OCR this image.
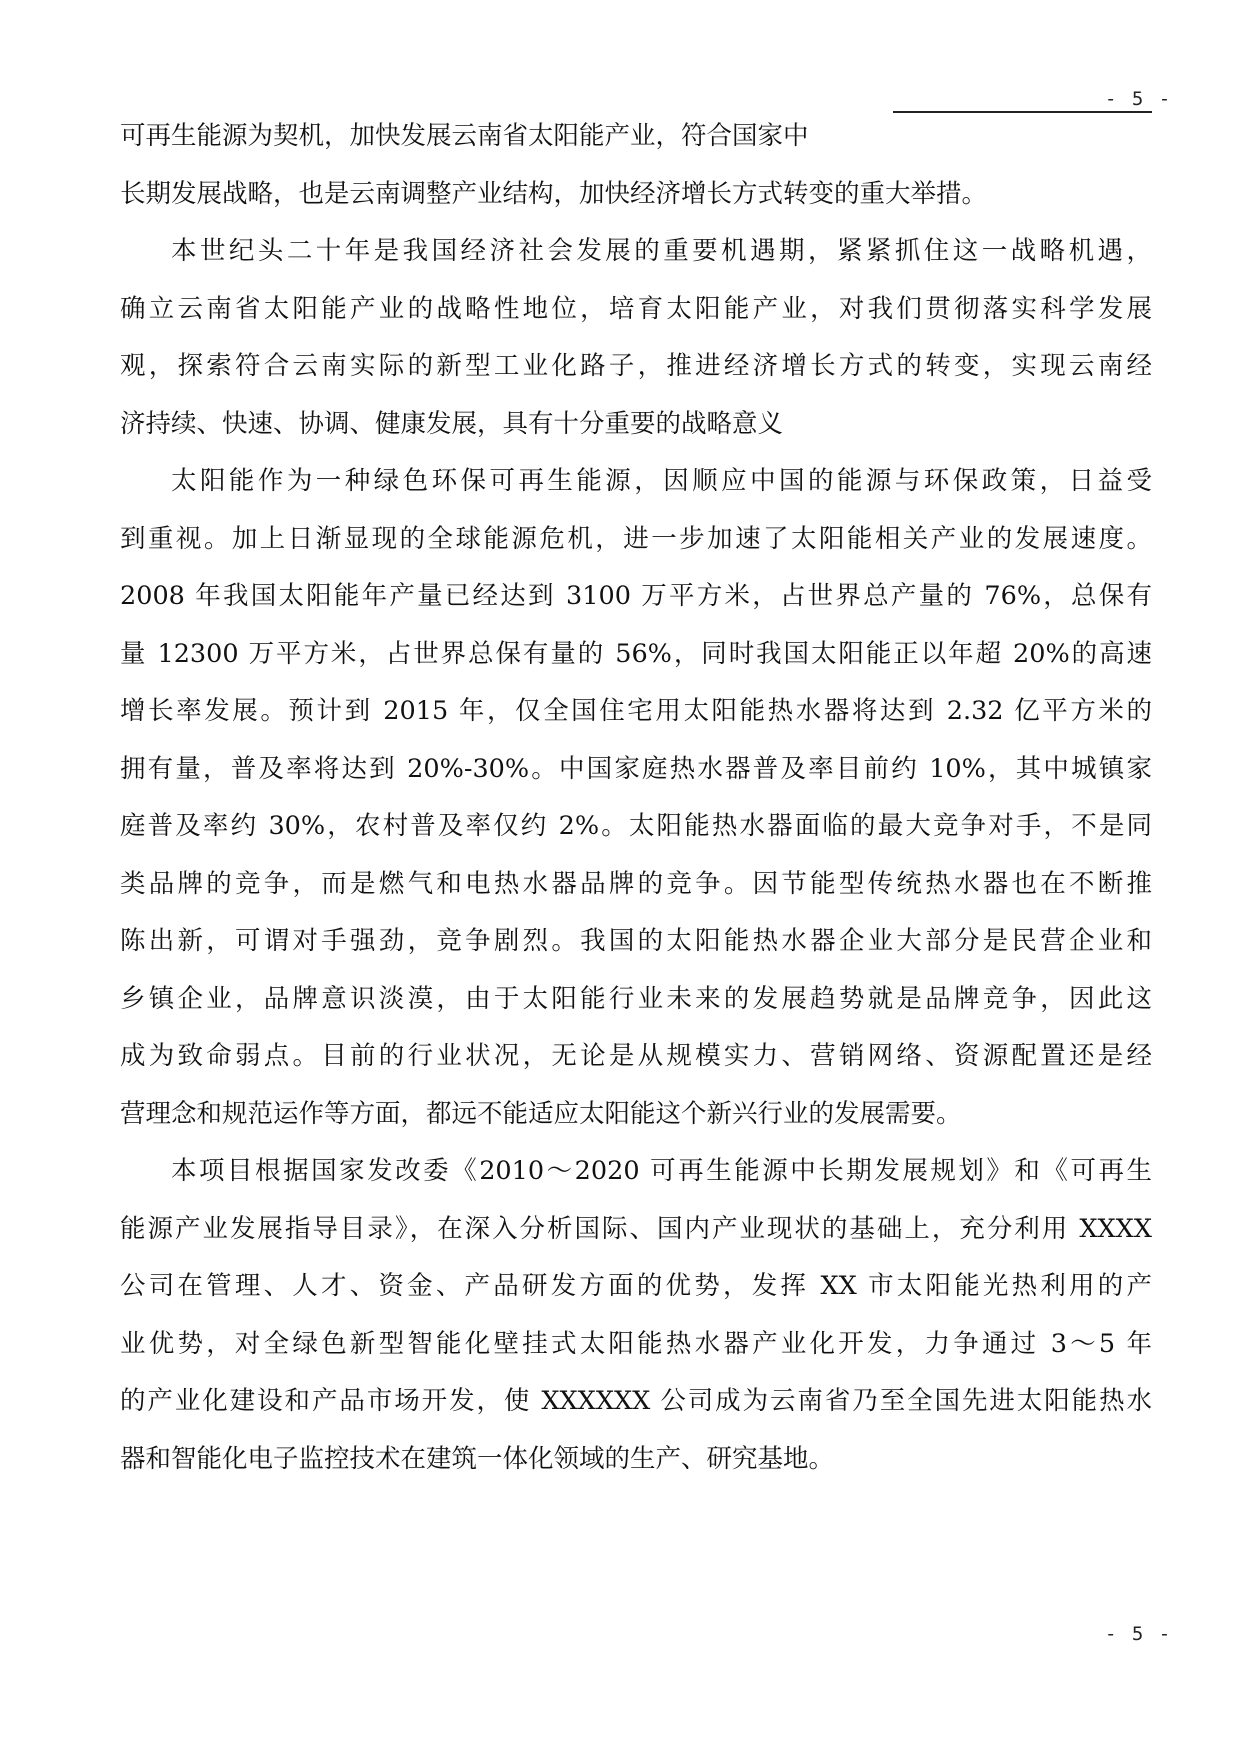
- 5 -
可再生能源为契机，加快发展云南省太阳能产业，符合国家中
长期发展战略，也是云南调整产业结构，加快经济增长方式转变的重大举措。
本世纪头二十年是我国经济社会发展的重要机遇期，紧紧抓住这一战略机遇，
确立云南省太阳能产业的战略性地位，培育太阳能产业，对我们贯彻落实科学发展
观，探索符合云南实际的新型工业化路子，推进经济增长方式的转变，实现云南经
济持续、快速、协调、健康发展，具有十分重要的战略意义
太阳能作为一种绿色环保可再生能源，因顺应中国的能源与环保政策，日益受
到重视。加上日渐显现的全球能源危机，进一步加速了太阳能相关产业的发展速度。
2008 年我国太阳能年产量已经达到 3100 万平方米，占世界总产量的 76%，总保有
量 12300 万平方米，占世界总保有量的 56%，同时我国太阳能正以年超 20%的高速
增长率发展。预计到 2015 年，仅全国住宅用太阳能热水器将达到 2.32 亿平方米的
拥有量，普及率将达到 20%-30%。中国家庭热水器普及率目前约 10%，其中城镇家
庭普及率约 30%，农村普及率仅约 2%。太阳能热水器面临的最大竞争对手，不是同
类品牌的竞争，而是燃气和电热水器品牌的竞争。因节能型传统热水器也在不断推
陈出新，可谓对手强劲，竞争剧烈。我国的太阳能热水器企业大部分是民营企业和
乡镇企业，品牌意识淡漠，由于太阳能行业未来的发展趋势就是品牌竞争，因此这
成为致命弱点。目前的行业状况，无论是从规模实力、营销网络、资源配置还是经
营理念和规范运作等方面，都远不能适应太阳能这个新兴行业的发展需要。
本项目根据国家发改委《2010～2020 可再生能源中长期发展规划》和《可再生
能源产业发展指导目录》，在深入分析国际、国内产业现状的基础上，充分利用 XXXX
公司在管理、人才、资金、产品研发方面的优势，发挥 XX 市太阳能光热利用的产
业优势，对全绿色新型智能化壁挂式太阳能热水器产业化开发，力争通过 3～5 年
的产业化建设和产品市场开发，使 XXXXXX 公司成为云南省乃至全国先进太阳能热水
器和智能化电子监控技术在建筑一体化领域的生产、研究基地。
- 5 -
